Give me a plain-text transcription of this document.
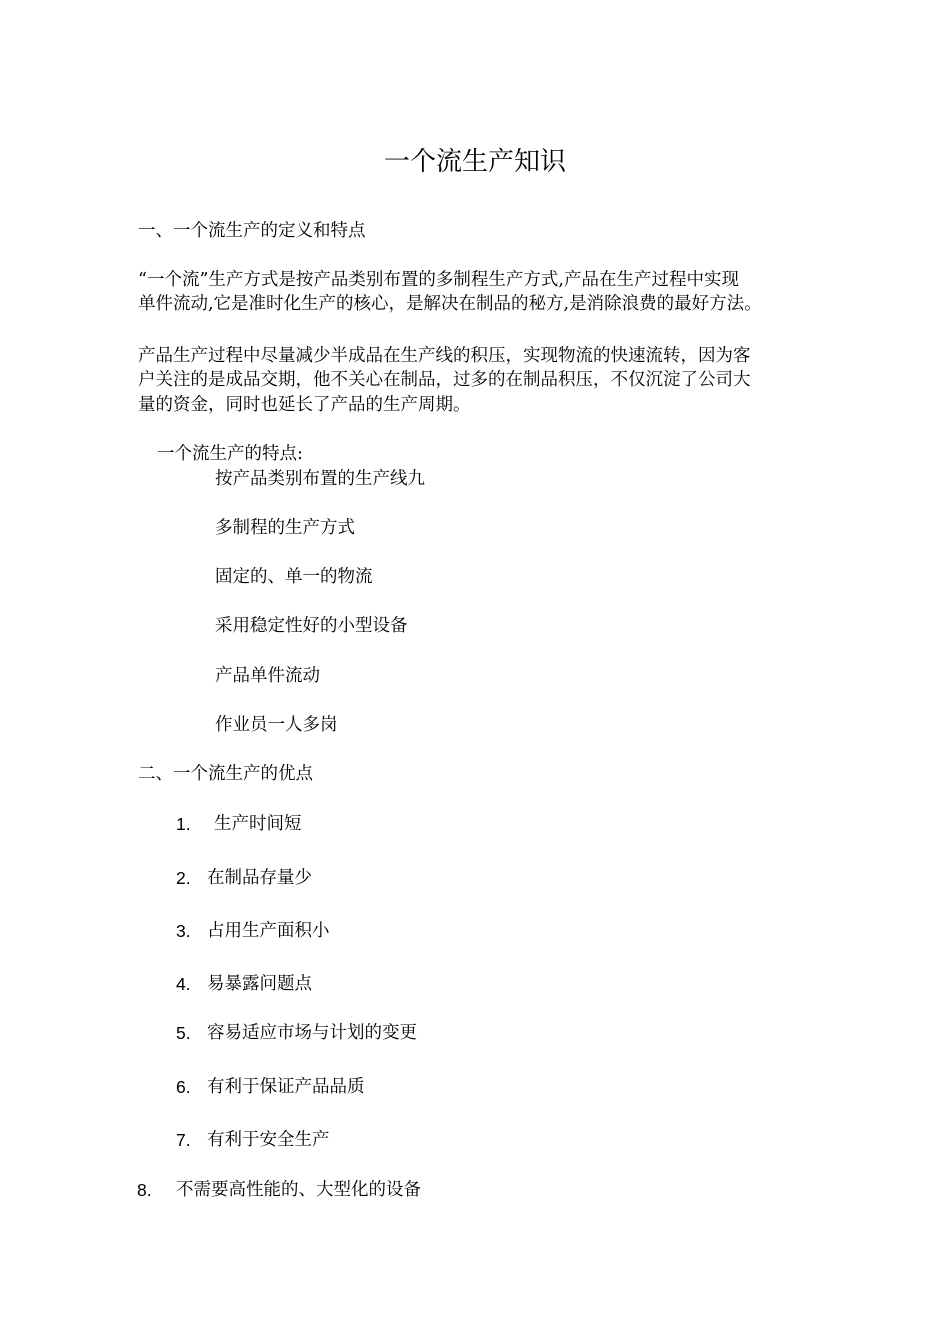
一个流生产知识
一、一个流生产的定义和特点
“一个流”生产方式是按产品类别布置的多制程生产方式,产品在生产过程中实现
单件流动,它是准时化生产的核心，是解决在制品的秘方,是消除浪费的最好方法。
产品生产过程中尽量减少半成品在生产线的积压，实现物流的快速流转，因为客
户关注的是成品交期，他不关心在制品，过多的在制品积压，不仅沉淀了公司大
量的资金，同时也延长了产品的生产周期。
一个流生产的特点:
按产品类别布置的生产线九
多制程的生产方式
固定的、单一的物流
采用稳定性好的小型设备
产品单件流动
作业员一人多岗
二、一个流生产的优点
1. 生产时间短
2. 在制品存量少
3. 占用生产面积小
4. 易暴露问题点
5. 容易适应市场与计划的变更
6. 有利于保证产品品质
7. 有利于安全生产
8. 不需要高性能的、大型化的设备
